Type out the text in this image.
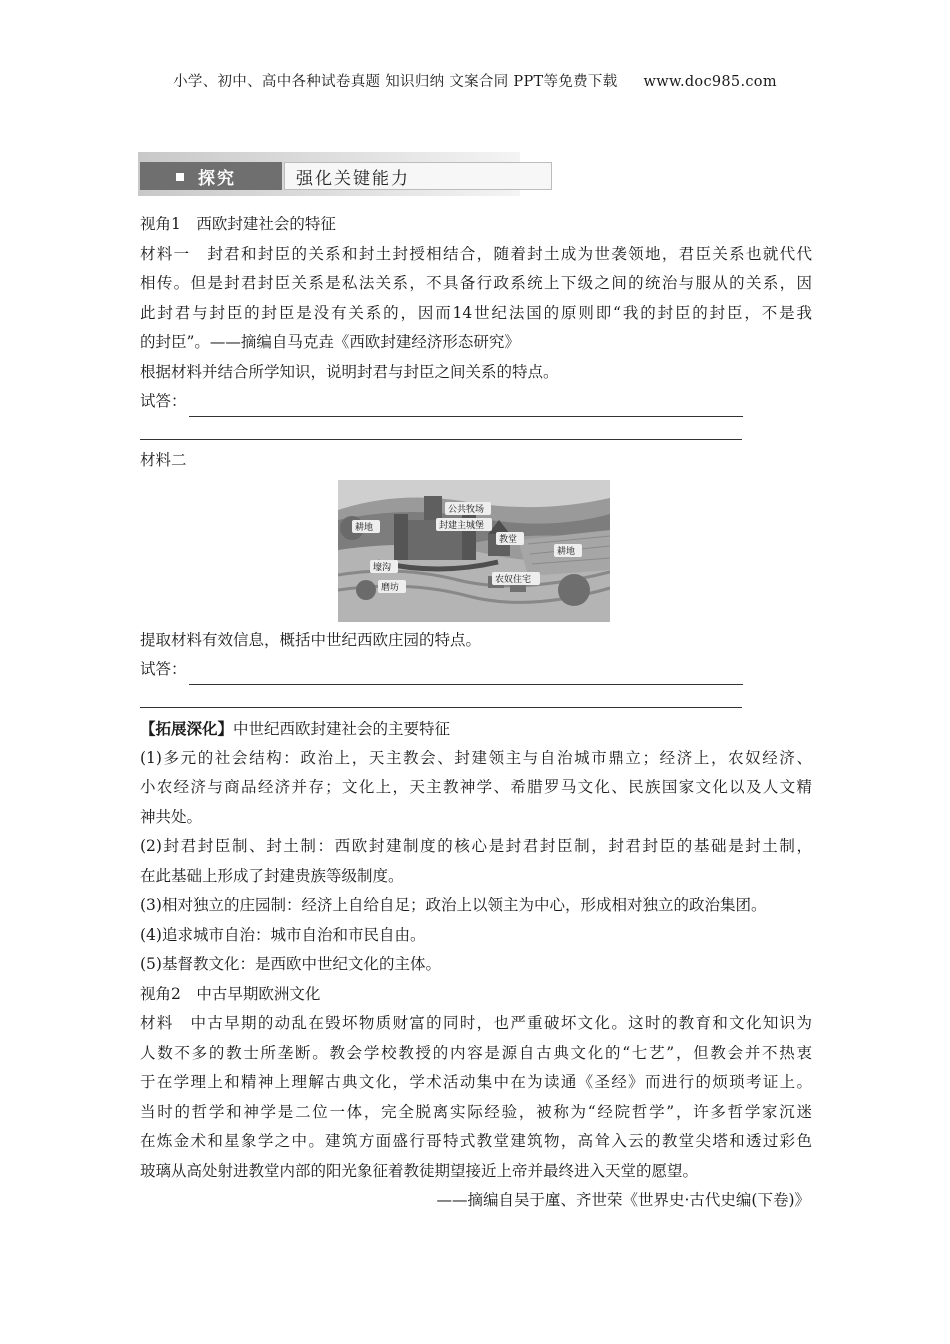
小学、初中、高中各种试卷真题 知识归纳 文案合同 PPT等免费下载 www.doc985.com
探究	强化关键能力
视角1　西欧封建社会的特征
材料一　封君和封臣的关系和封土封授相结合，随着封土成为世袭领地，君臣关系也就代代
相传。但是封君封臣关系是私法关系，不具备行政系统上下级之间的统治与服从的关系，因
此封君与封臣的封臣是没有关系的，因而14世纪法国的原则即“我的封臣的封臣，不是我
的封臣”。——摘编自马克垚《西欧封建经济形态研究》
根据材料并结合所学知识，说明封君与封臣之间关系的特点。
试答：
材料二
公共牧场
封建主城堡
耕地
教堂
耕地
壕沟
磨坊
农奴住宅
提取材料有效信息，概括中世纪西欧庄园的特点。
试答：
【拓展深化】中世纪西欧封建社会的主要特征
(1)多元的社会结构：政治上，天主教会、封建领主与自治城市鼎立；经济上，农奴经济、
小农经济与商品经济并存；文化上，天主教神学、希腊罗马文化、民族国家文化以及人文精
神共处。
(2)封君封臣制、封土制：西欧封建制度的核心是封君封臣制，封君封臣的基础是封土制，
在此基础上形成了封建贵族等级制度。
(3)相对独立的庄园制：经济上自给自足；政治上以领主为中心，形成相对独立的政治集团。
(4)追求城市自治：城市自治和市民自由。
(5)基督教文化：是西欧中世纪文化的主体。
视角2　中古早期欧洲文化
材料　中古早期的动乱在毁坏物质财富的同时，也严重破坏文化。这时的教育和文化知识为
人数不多的教士所垄断。教会学校教授的内容是源自古典文化的“七艺”，但教会并不热衷
于在学理上和精神上理解古典文化，学术活动集中在为读通《圣经》而进行的烦琐考证上。
当时的哲学和神学是二位一体，完全脱离实际经验，被称为“经院哲学”，许多哲学家沉迷
在炼金术和星象学之中。建筑方面盛行哥特式教堂建筑物，高耸入云的教堂尖塔和透过彩色
玻璃从高处射进教堂内部的阳光象征着教徒期望接近上帝并最终进入天堂的愿望。
——摘编自吴于廑、齐世荣《世界史·古代史编(下卷)》
